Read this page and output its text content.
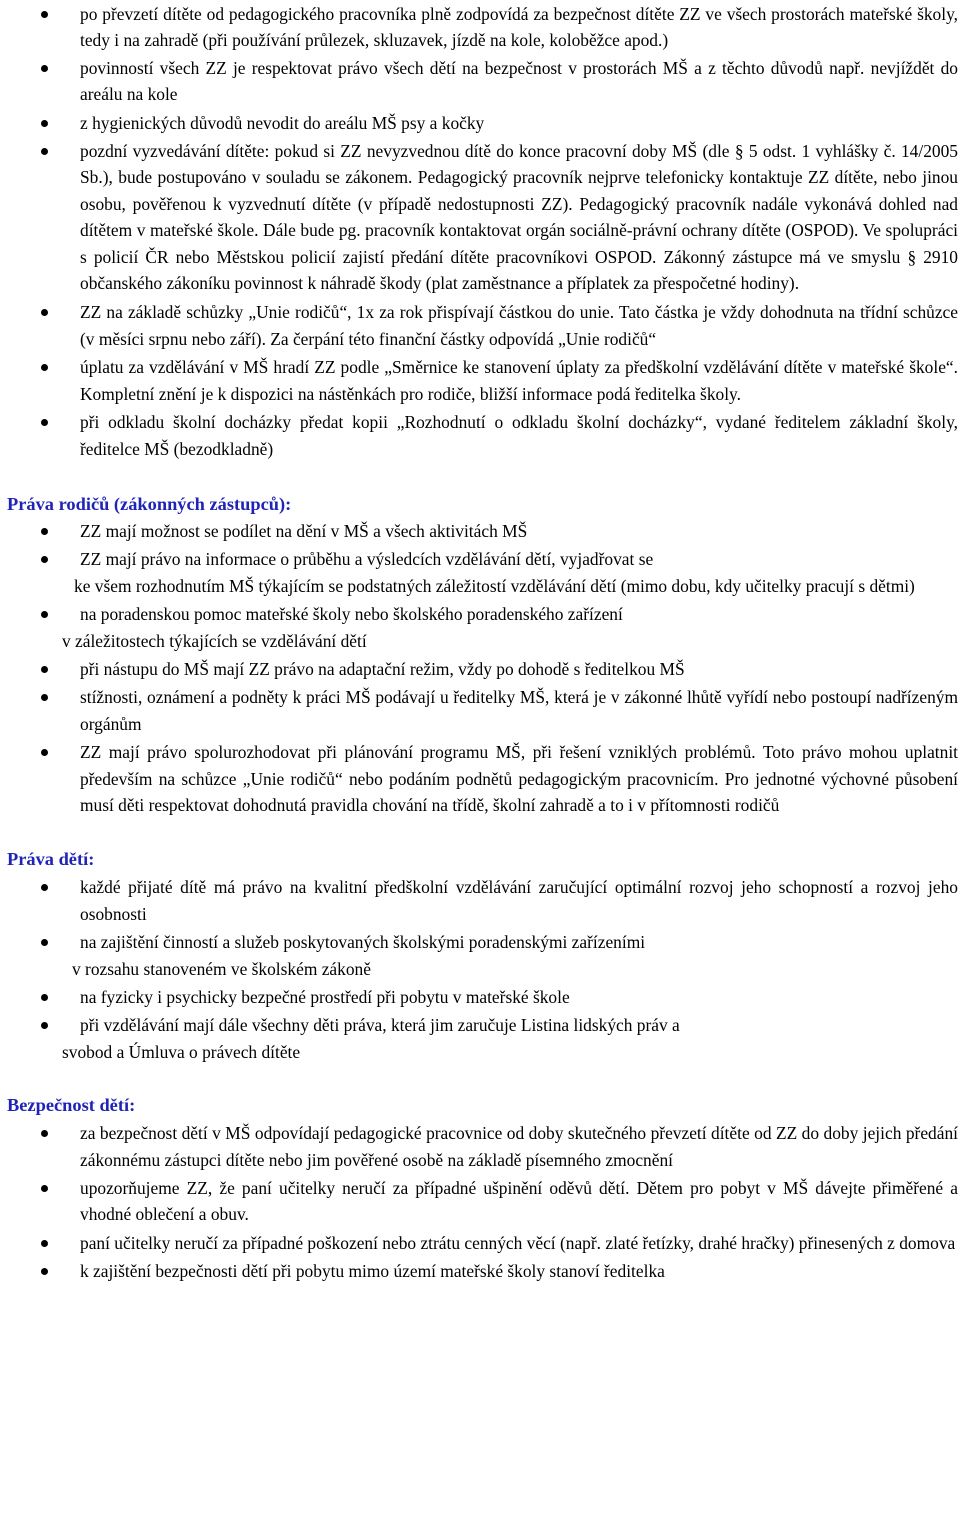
po převzetí dítěte od pedagogického pracovníka plně zodpovídá za bezpečnost dítěte ZZ ve všech prostorách mateřské školy, tedy i na zahradě (při používání průlezek, skluzavek, jízdě na kole, koloběžce apod.)
povinností všech ZZ je respektovat právo všech dětí na bezpečnost v prostorách MŠ a z těchto důvodů např. nevjíždět do areálu na kole
z hygienických důvodů nevodit do areálu MŠ psy a kočky
pozdní vyzvedávání dítěte: pokud si ZZ nevyzvednou dítě do konce pracovní doby MŠ (dle § 5 odst. 1 vyhlášky č. 14/2005 Sb.), bude postupováno v souladu se zákonem. Pedagogický pracovník nejprve telefonicky kontaktuje ZZ dítěte, nebo jinou osobu, pověřenou k vyzvednutí dítěte (v případě nedostupnosti ZZ). Pedagogický pracovník nadále vykonává dohled nad dítětem v mateřské škole. Dále bude pg. pracovník kontaktovat orgán sociálně-právní ochrany dítěte (OSPOD). Ve spolupráci s policií ČR nebo Městskou policií zajistí předání dítěte pracovníkovi OSPOD. Zákonný zástupce má ve smyslu § 2910 občanského zákoníku povinnost k náhradě škody (plat zaměstnance a příplatek za přespočetné hodiny).
ZZ na základě schůzky „Unie rodičů“, 1x za rok přispívají částkou do unie. Tato částka je vždy dohodnuta na třídní schůzce (v měsíci srpnu nebo září). Za čerpání této finanční částky odpovídá „Unie rodičů“
úplatu za vzdělávání v MŠ hradí ZZ podle „Směrnice ke stanovení úplaty za předškolní vzdělávání dítěte v mateřské škole“. Kompletní znění je k dispozici na nástěnkách pro rodiče, bližší informace podá ředitelka školy.
při odkladu školní docházky předat kopii „Rozhodnutí o odkladu školní docházky“, vydané ředitelem základní školy, ředitelce MŠ (bezodkladně)
Práva rodičů (zákonných zástupců):
ZZ mají možnost se podílet na dění v MŠ a všech aktivitách MŠ
ZZ mají právo na informace o průběhu a výsledcích vzdělávání dětí, vyjadřovat se
ke všem rozhodnutím MŠ týkajícím se podstatných záležitostí vzdělávání dětí (mimo dobu, kdy učitelky pracují s dětmi)
na poradenskou pomoc mateřské školy nebo školského poradenského zařízení
v záležitostech týkajících se vzdělávání dětí
při nástupu do MŠ mají ZZ právo na adaptační režim, vždy po dohodě s ředitelkou MŠ
stížnosti, oznámení a podněty k práci MŠ podávají u ředitelky MŠ, která je v zákonné lhůtě vyřídí nebo postoupí nadřízeným orgánům
ZZ mají právo spolurozhodovat při plánování programu MŠ, při řešení vzniklých problémů. Toto právo mohou uplatnit především na schůzce „Unie rodičů“ nebo podáním podnětů pedagogickým pracovnicím. Pro jednotné výchovné působení musí děti respektovat dohodnutá pravidla chování na třídě, školní zahradě a to i v přítomnosti rodičů
Práva dětí:
každé přijaté dítě má právo na kvalitní předškolní vzdělávání zaručující optimální rozvoj jeho schopností a rozvoj jeho osobnosti
na zajištění činností a služeb poskytovaných školskými poradenskými zařízeními
v rozsahu stanoveném ve školském zákoně
na fyzicky i psychicky bezpečné prostředí při pobytu v mateřské škole
při vzdělávání mají dále všechny děti práva, která jim zaručuje Listina lidských práv a
svobod a Úmluva o právech dítěte
Bezpečnost dětí:
za bezpečnost dětí v MŠ odpovídají pedagogické pracovnice od doby skutečného převzetí dítěte od ZZ do doby jejich předání zákonnému zástupci dítěte nebo jim pověřené osobě na základě písemného zmocnění
upozorňujeme ZZ, že paní učitelky neručí za případné ušpinění oděvů dětí. Dětem pro pobyt v MŠ dávejte přiměřené a vhodné oblečení a obuv.
paní učitelky neručí za případné poškození nebo ztrátu cenných věcí (např. zlaté řetízky, drahé hračky) přinesených z domova
k zajištění bezpečnosti dětí při pobytu mimo území mateřské školy stanoví ředitelka
